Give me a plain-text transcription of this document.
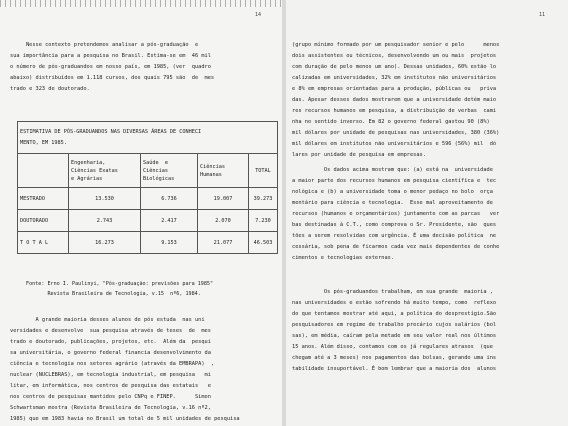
14
Nesse contexto pretendemos analisar a pós-graduação  e
sua importância para a pesquisa no Brasil. Estima-se em  46 mil
o número de pós-graduandos em nosso país, em 1985, (ver  quadro
abaixo) distribuídos em 1.118 cursos, dos quais 795 são  de  mes
trado e 323 de doutorado.
ESTIMATIVA DE PÓS-GRADUANDOS NAS DIVERSAS ÁREAS DE CONHECI
MENTO, EM 1985.				
	Engenharia,
Ciências Exatas
e Agrárias	Saúde  e
Ciências
Biológicas	Ciências
Humanas	TOTAL
MESTRADO	13.530	6.736	19.007	39.273
DOUTORADO	2.743	2.417	2.070	7.230
T O T A L	16.273	9.153	21.077	46.503
Fonte: Erno I. Paulinyi, "Pós-graduação: previsões para 1985"
Revista Brasileira de Tecnologia, v.15  nº6, 1984.
A grande maioria desses alunos de pós estuda  nas uni
versidades e desenvolve  sua pesquisa através de teses  de  mes
trado e doutorado, publicações, projetos, etc.  Além da  pesqui
sa universitária, o governo federal financia desenvolvimento da
ciência e tecnologia nos setores agrário (através da EMBRAPA)  ,
nuclear (NUCLEBRAS), em tecnologia industrial, em pesquisa   mi
litar, em informática, nos centros de pesquisa das estatais   e
nos centros de pesquisas mantidos pelo CNPq e FINEP.      Simon
Schwartsman mostra (Revista Brasileira de Tecnologia, v.16 nº2,
1985) que em 1983 havia no Brasil um total de 5 mil unidades de pesquisa
11
(grupo mínimo formado por um pesquisador senior e pelo      menos
dois assistentes ou técnicos, desenvolvendo um ou mais  projetos
com duração de pelo menos um ano). Dessas unidades, 60% estão lo
calizadas em universidades, 32% em institutos não universitários
e 8% em empresas orientadas para a produção, públicas ou   priva
das. Apesar desses dados mostrarem que a universidade detém maio
res recursos humanos em pesquisa, a distribuição de verbas  cami
nha no sentido inverso. Em 82 o governo federal gastou 90 (8%)
mil dólares por unidade de pesquisas nas universidades, 380 (36%)
mil dólares em institutos não universitários e 596 (56%) mil  dó
lares por unidade de pesquisa em empresas.
Os dados acima mostram que: (a) está na  universidade
a maior parte dos recursos humanos em pesquisa científica e  tec
nológica e (b) a universidade toma o menor pedaço no bolo  orça
mentário para ciência e tecnologia.  Esse mal aproveitamento de
recursos (humanos e orçamentários) juntamente com as parcas   ver
bas destinadas à C.T., como comprova o Sr. Presidente, são  ques
tões a serem resolvidas com urgência. É uma decisão política  ne
cessária, sob pena de ficarmos cada vez mais dependentes de conhe
cimentos e tecnologias externas.
Os pós-graduandos trabalham, em sua grande  maioria ,
nas universidades e estão sofrendo há muito tempo, como  reflexo
do que tentamos mostrar até aqui, a política do desprestígio.São
pesquisadores em regime de trabalho precário cujos salários (bol
sas), em média, caíram pela metade em seu valor real nos últimos
15 anos. Além disso, contamos com os já regulares atrasos  (que
chegam até a 3 meses) nos pagamentos das bolsas, gerando uma ins
tabilidade insuportável. É bom lembrar que a maioria dos  alunos
